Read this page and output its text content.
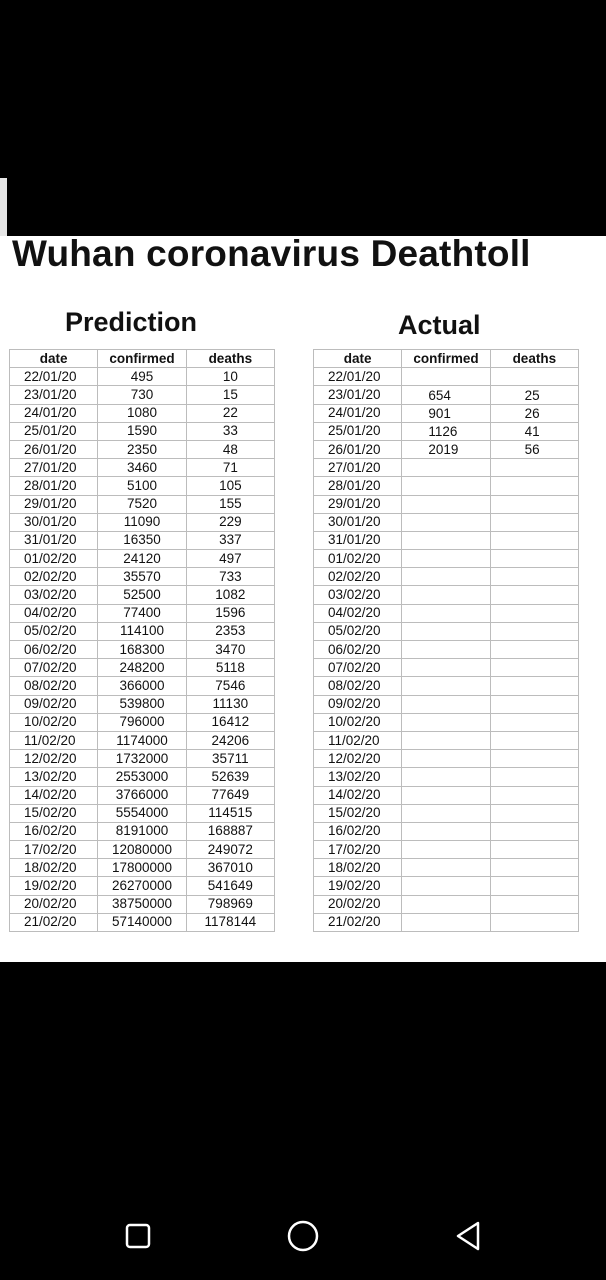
Wuhan coronavirus Deathtoll
Prediction	Actual
date	confirmed	deaths
22/01/20	495	10
23/01/20	730	15
24/01/20	1080	22
25/01/20	1590	33
26/01/20	2350	48
27/01/20	3460	71
28/01/20	5100	105
29/01/20	7520	155
30/01/20	11090	229
31/01/20	16350	337
01/02/20	24120	497
02/02/20	35570	733
03/02/20	52500	1082
04/02/20	77400	1596
05/02/20	114100	2353
06/02/20	168300	3470
07/02/20	248200	5118
08/02/20	366000	7546
09/02/20	539800	11130
10/02/20	796000	16412
11/02/20	1174000	24206
12/02/20	1732000	35711
13/02/20	2553000	52639
14/02/20	3766000	77649
15/02/20	5554000	114515
16/02/20	8191000	168887
17/02/20	12080000	249072
18/02/20	17800000	367010
19/02/20	26270000	541649
20/02/20	38750000	798969
21/02/20	57140000	1178144
date	confirmed	deaths
22/01/20		
23/01/20	654	25
24/01/20	901	26
25/01/20	1126	41
26/01/20	2019	56
27/01/20		
28/01/20		
29/01/20		
30/01/20		
31/01/20		
01/02/20		
02/02/20		
03/02/20		
04/02/20		
05/02/20		
06/02/20		
07/02/20		
08/02/20		
09/02/20		
10/02/20		
11/02/20		
12/02/20		
13/02/20		
14/02/20		
15/02/20		
16/02/20		
17/02/20		
18/02/20		
19/02/20		
20/02/20		
21/02/20		
